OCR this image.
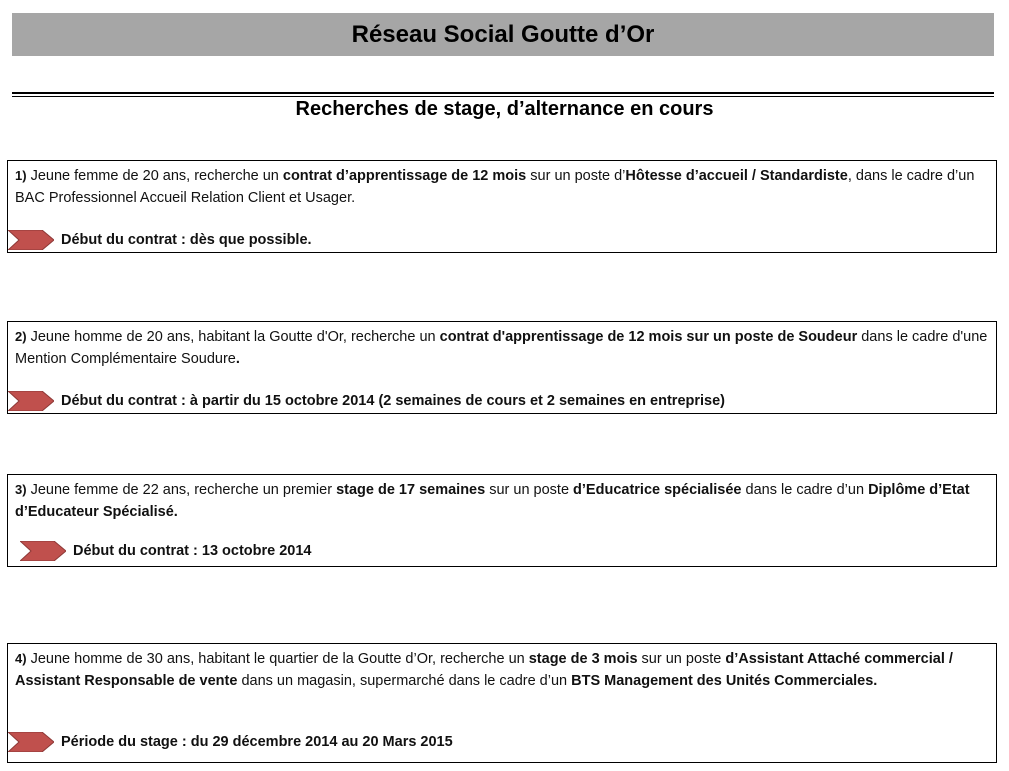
Réseau Social Goutte d’Or
Recherches de stage, d’alternance en cours
1) Jeune femme de 20 ans, recherche un contrat d’apprentissage de 12 mois sur un poste d’Hôtesse d’accueil / Standardiste, dans le cadre d’un BAC Professionnel Accueil Relation Client et Usager.
Début du contrat : dès que possible.
2) Jeune homme de 20 ans, habitant la Goutte d'Or, recherche un contrat d'apprentissage de 12 mois sur un poste de Soudeur dans le cadre d'une Mention Complémentaire Soudure.
Début du contrat : à partir du 15 octobre 2014 (2 semaines de cours et 2 semaines en entreprise)
3) Jeune femme de 22 ans, recherche un premier stage de 17 semaines sur un poste d’Educatrice spécialisée dans le cadre d’un Diplôme d’Etat d’Educateur Spécialisé.
Début du contrat : 13 octobre 2014
4) Jeune homme de 30 ans, habitant le quartier de la Goutte d’Or, recherche un stage de 3 mois sur un poste d’Assistant Attaché commercial / Assistant Responsable de vente dans un magasin, supermarché dans le cadre d’un BTS Management des Unités Commerciales.
Période du stage : du 29 décembre 2014 au 20 Mars 2015
